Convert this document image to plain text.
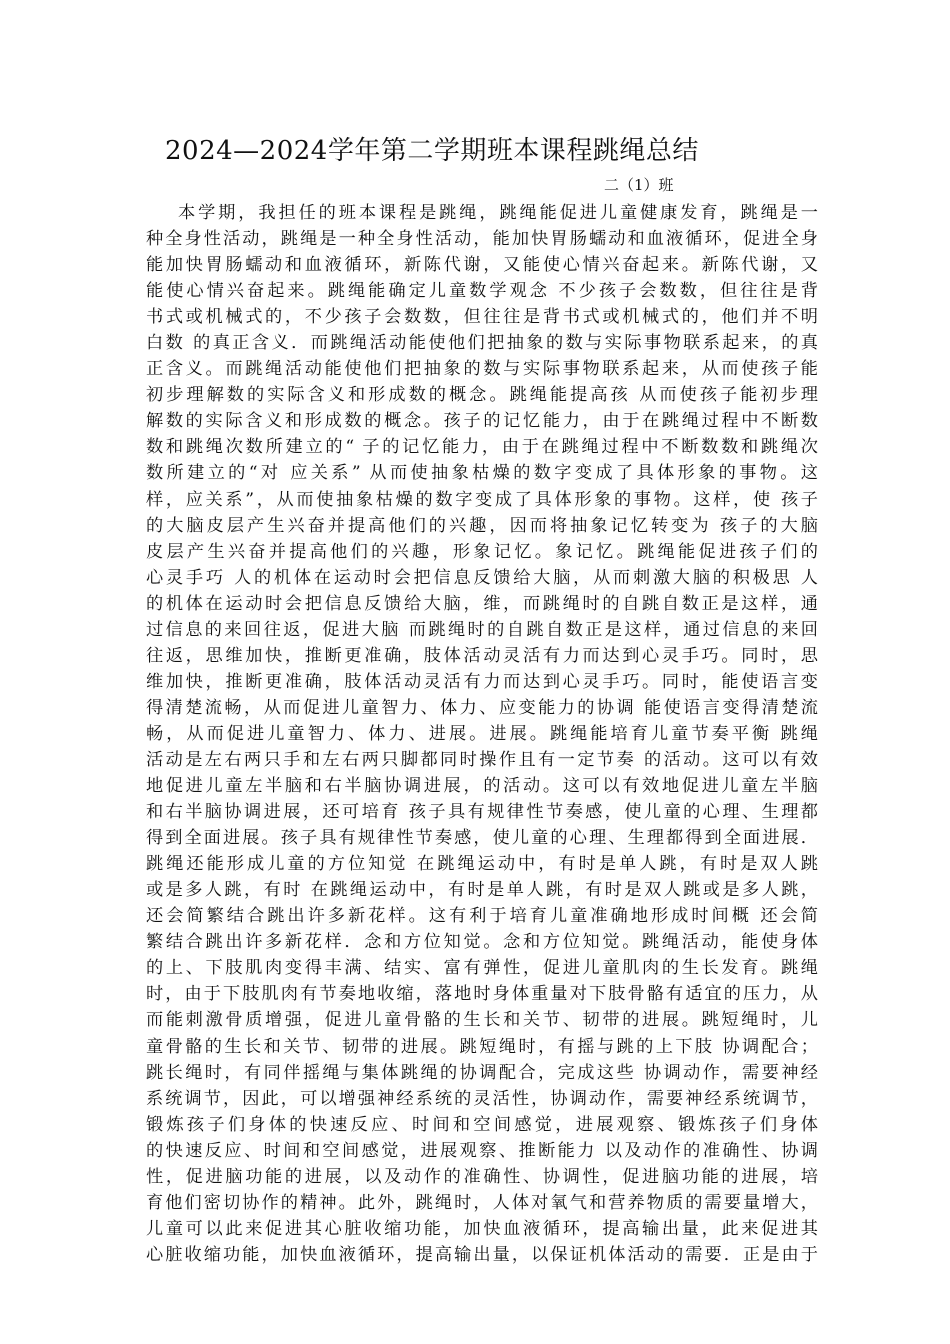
2024—2024学年第二学期班本课程跳绳总结
二（1）班
本学期，我担任的班本课程是跳绳，跳绳能促进儿童健康发育，跳绳是一
种全身性活动，跳绳是一种全身性活动，能加快胃肠蠕动和血液循环，促进全身
能加快胃肠蠕动和血液循环，新陈代谢，又能使心情兴奋起来。新陈代谢，又
能使心情兴奋起来。跳绳能确定儿童数学观念 不少孩子会数数，但往往是背
书式或机械式的，不少孩子会数数，但往往是背书式或机械式的，他们并不明
白数 的真正含义．而跳绳活动能使他们把抽象的数与实际事物联系起来，的真
正含义。而跳绳活动能使他们把抽象的数与实际事物联系起来，从而使孩子能
初步理解数的实际含义和形成数的概念。跳绳能提高孩 从而使孩子能初步理
解数的实际含义和形成数的概念。孩子的记忆能力，由于在跳绳过程中不断数
数和跳绳次数所建立的“ 子的记忆能力，由于在跳绳过程中不断数数和跳绳次
数所建立的“对 应关系” 从而使抽象枯燥的数字变成了具体形象的事物。这
样，应关系”，从而使抽象枯燥的数字变成了具体形象的事物。这样，使 孩子
的大脑皮层产生兴奋并提高他们的兴趣，因而将抽象记忆转变为 孩子的大脑
皮层产生兴奋并提高他们的兴趣，形象记忆。象记忆。跳绳能促进孩子们的
心灵手巧 人的机体在运动时会把信息反馈给大脑，从而刺激大脑的积极思 人
的机体在运动时会把信息反馈给大脑，维，而跳绳时的自跳自数正是这样，通
过信息的来回往返，促进大脑 而跳绳时的自跳自数正是这样，通过信息的来回
往返，思维加快，推断更准确，肢体活动灵活有力而达到心灵手巧。同时，思
维加快，推断更准确，肢体活动灵活有力而达到心灵手巧。同时，能使语言变
得清楚流畅，从而促进儿童智力、体力、应变能力的协调 能使语言变得清楚流
畅，从而促进儿童智力、体力、进展。进展。跳绳能培育儿童节奏平衡 跳绳
活动是左右两只手和左右两只脚都同时操作且有一定节奏 的活动。这可以有效
地促进儿童左半脑和右半脑协调进展，的活动。这可以有效地促进儿童左半脑
和右半脑协调进展，还可培育 孩子具有规律性节奏感，使儿童的心理、生理都
得到全面进展。孩子具有规律性节奏感，使儿童的心理、生理都得到全面进展．
跳绳还能形成儿童的方位知觉 在跳绳运动中，有时是单人跳，有时是双人跳
或是多人跳，有时 在跳绳运动中，有时是单人跳，有时是双人跳或是多人跳，
还会简繁结合跳出许多新花样。这有利于培育儿童准确地形成时间概 还会简
繁结合跳出许多新花样．念和方位知觉。念和方位知觉。跳绳活动，能使身体
的上、下肢肌肉变得丰满、结实、富有弹性，促进儿童肌肉的生长发育。跳绳
时，由于下肢肌肉有节奏地收缩，落地时身体重量对下肢骨骼有适宜的压力，从
而能刺激骨质增强，促进儿童骨骼的生长和关节、韧带的进展。跳短绳时，儿
童骨骼的生长和关节、韧带的进展。跳短绳时，有摇与跳的上下肢 协调配合；
跳长绳时，有同伴摇绳与集体跳绳的协调配合，完成这些 协调动作，需要神经
系统调节，因此，可以增强神经系统的灵活性，协调动作，需要神经系统调节，
锻炼孩子们身体的快速反应、时间和空间感觉，进展观察、锻炼孩子们身体
的快速反应、时间和空间感觉，进展观察、推断能力 以及动作的准确性、协调
性，促进脑功能的进展，以及动作的准确性、协调性，促进脑功能的进展，培
育他们密切协作的精神。此外，跳绳时，人体对氧气和营养物质的需要量增大，
儿童可以此来促进其心脏收缩功能，加快血液循环，提高输出量，此来促进其
心脏收缩功能，加快血液循环，提高输出量，以保证机体活动的需要．正是由于
